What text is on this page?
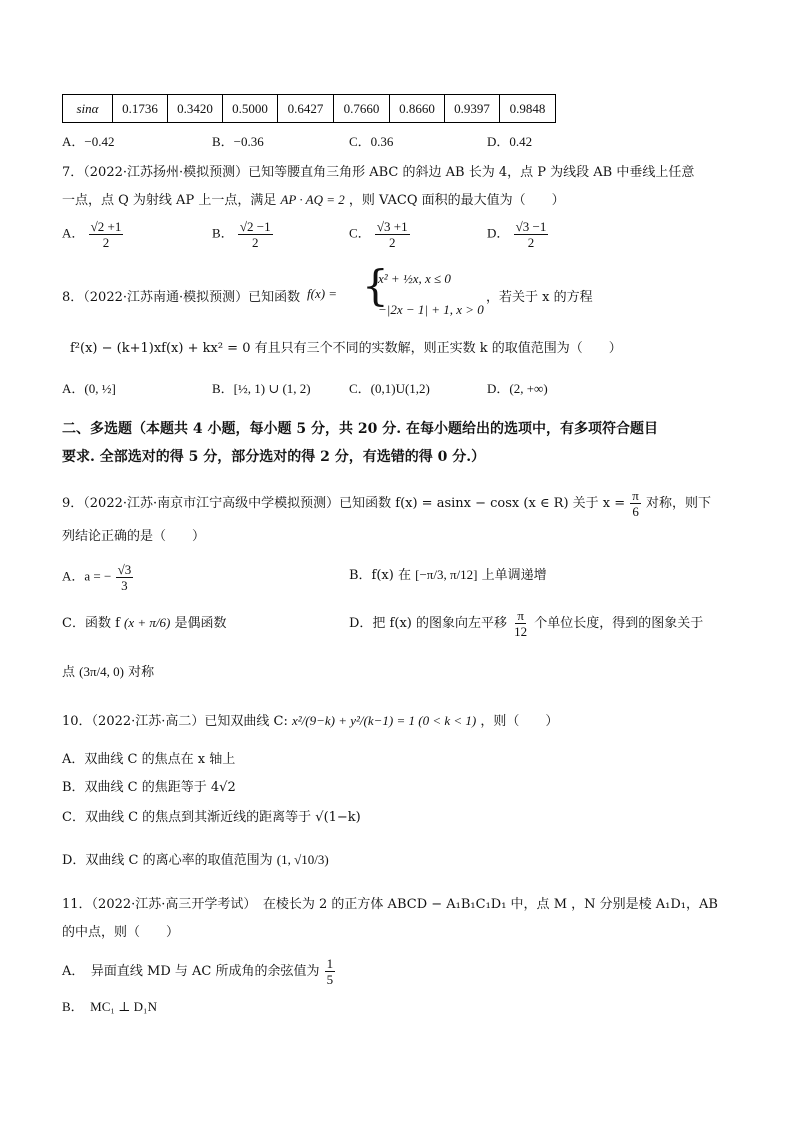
sinα	0.1736	0.3420	0.5000	0.6427	0.7660	0.8660	0.9397	0.9848
A．−0.42	B．−0.36	C．0.36	D．0.42
7．（2022·江苏扬州·模拟预测）已知等腰直角三角形 ABC 的斜边 AB 长为 4，点 P 为线段 AB 中垂线上任意
一点，点 Q 为射线 AP 上一点，满足 AP · AQ = 2 ，则 VACQ 面积的最大值为（　　）
A． $\frac{√2 +1}{2}$	B． $\frac{√2 -1}{2}$	C． $\frac{√3 +1}{2}$	D． $\frac{√3 -1}{2}$
8．（2022·江苏南通·模拟预测）已知函数 f(x) = {
x² + ½x, x ≤ 0
−|2x − 1| + 1, x > 0
，若关于 x 的方程
f²(x) − (k+1)xf(x) + kx² = 0 有且只有三个不同的实数解，则正实数 k 的取值范围为（　　）
A．(0, ½]	B．[½, 1) ∪ (1, 2)	C．(0,1)U(1,2)	D．(2, +∞)
二、多选题（本题共 4 小题，每小题 5 分，共 20 分. 在每小题给出的选项中，有多项符合题目
要求. 全部选对的得 5 分，部分选对的得 2 分，有选错的得 0 分.）
9．（2022·江苏·南京市江宁高级中学模拟预测）已知函数 f(x) = asinx − cosx (x ∈ R) 关于 $x = \frac{\pi}{6}$ 对称，则下
列结论正确的是（　　）
A．a = − $\frac{√3}{3}$	B．f(x) 在 [−π/3, π/12] 上单调递增
C．函数 f (x + π/6) 是偶函数	D．把 f(x) 的图象向左平移 $\frac{\pi}{12}$ 个单位长度，得到的图象关于
点 (3π/4, 0) 对称
10．（2022·江苏·高二）已知双曲线 C: x²/(9−k) + y²/(k−1) = 1 (0 < k < 1) ，则（　　）
A．双曲线 C 的焦点在 x 轴上
B．双曲线 C 的焦距等于 4√2
C．双曲线 C 的焦点到其渐近线的距离等于 √(1−k)
D．双曲线 C 的离心率的取值范围为 (1, √10/3)
11．（2022·江苏·高三开学考试）　在棱长为 2 的正方体 ABCD − A₁B₁C₁D₁ 中，点 M ，N 分别是棱 A₁D₁，AB
的中点，则（　　）
A．　异面直线 MD 与 AC 所成角的余弦值为 $\frac{1}{5}$
B．　MC₁ ⊥ D₁N
